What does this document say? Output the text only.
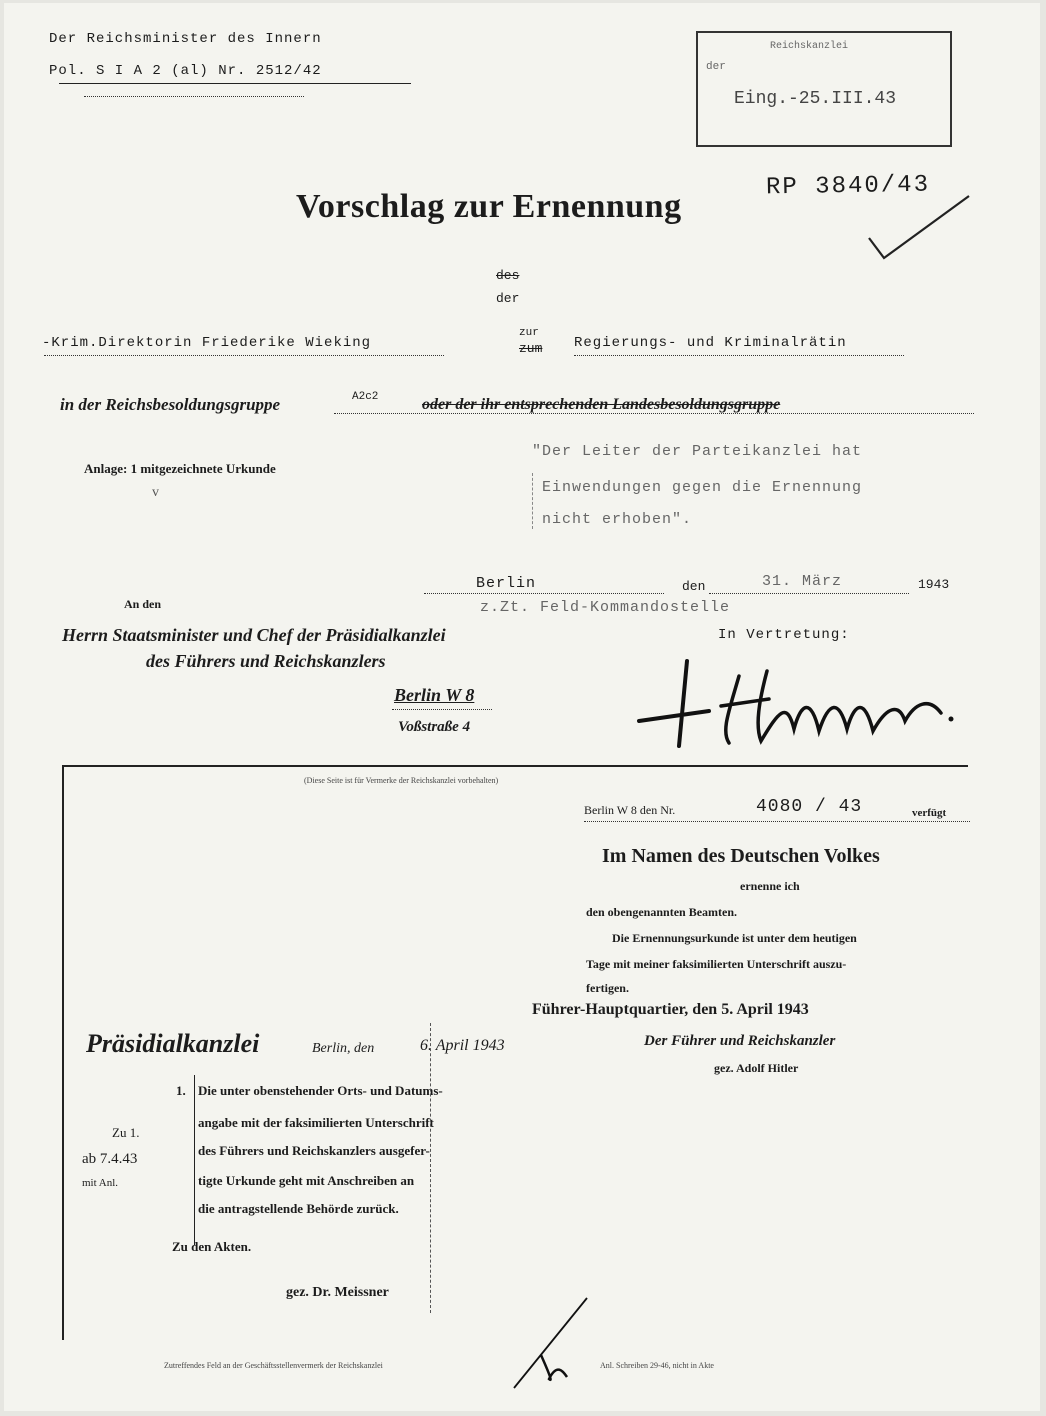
Der Reichsminister des Innern
Pol. S I A 2 (al) Nr. 2512/42
Reichskanzlei
der
Eing.-25.III.43
Vorschlag zur Ernennung
RP 3840/43
des
der
-Krim.Direktorin Friederike Wieking
zur
zum Regierungs- und Kriminalrätin
in der Reichsbesoldungsgruppe	A2c2	oder der ihr entsprechenden Landesbesoldungsgruppe
Anlage: 1 mitgezeichnete Urkunde
v
"Der Leiter der Parteikanzlei hat
Einwendungen gegen die Ernennung
nicht erhoben".
Berlin	den	31. März	1943
z.Zt. Feld-Kommandostelle
An den
Herrn Staatsminister und Chef der Präsidialkanzlei
des Führers und Reichskanzlers
Berlin W 8
Voßstraße 4
In Vertretung:
H. Himmler
(Diese Seite ist für Vermerke der Reichskanzlei vorbehalten)
Berlin W 8 den Nr.	4080 / 43	verfügt
Im Namen des Deutschen Volkes
ernenne ich
den obengenannten Beamten.
Die Ernennungsurkunde ist unter dem heutigen
Tage mit meiner faksimilierten Unterschrift auszu-
fertigen.
Führer-Hauptquartier, den 5. April 1943
Der Führer und Reichskanzler
gez. Adolf Hitler
Präsidialkanzlei	Berlin, den	6. April 1943
1. Die unter obenstehender Orts- und Datums-
angabe mit der faksimilierten Unterschrift
des Führers und Reichskanzlers ausgefer-
tigte Urkunde geht mit Anschreiben an
die antragstellende Behörde zurück.
Zu den Akten.
gez. Dr. Meissner
Zu 1.
ab 7.4.43
mit Anl.
Zutreffendes Feld an der Geschäftsstellenvermerk der Reichskanzlei	Anl. Schreiben 29-46, nicht in Akte
